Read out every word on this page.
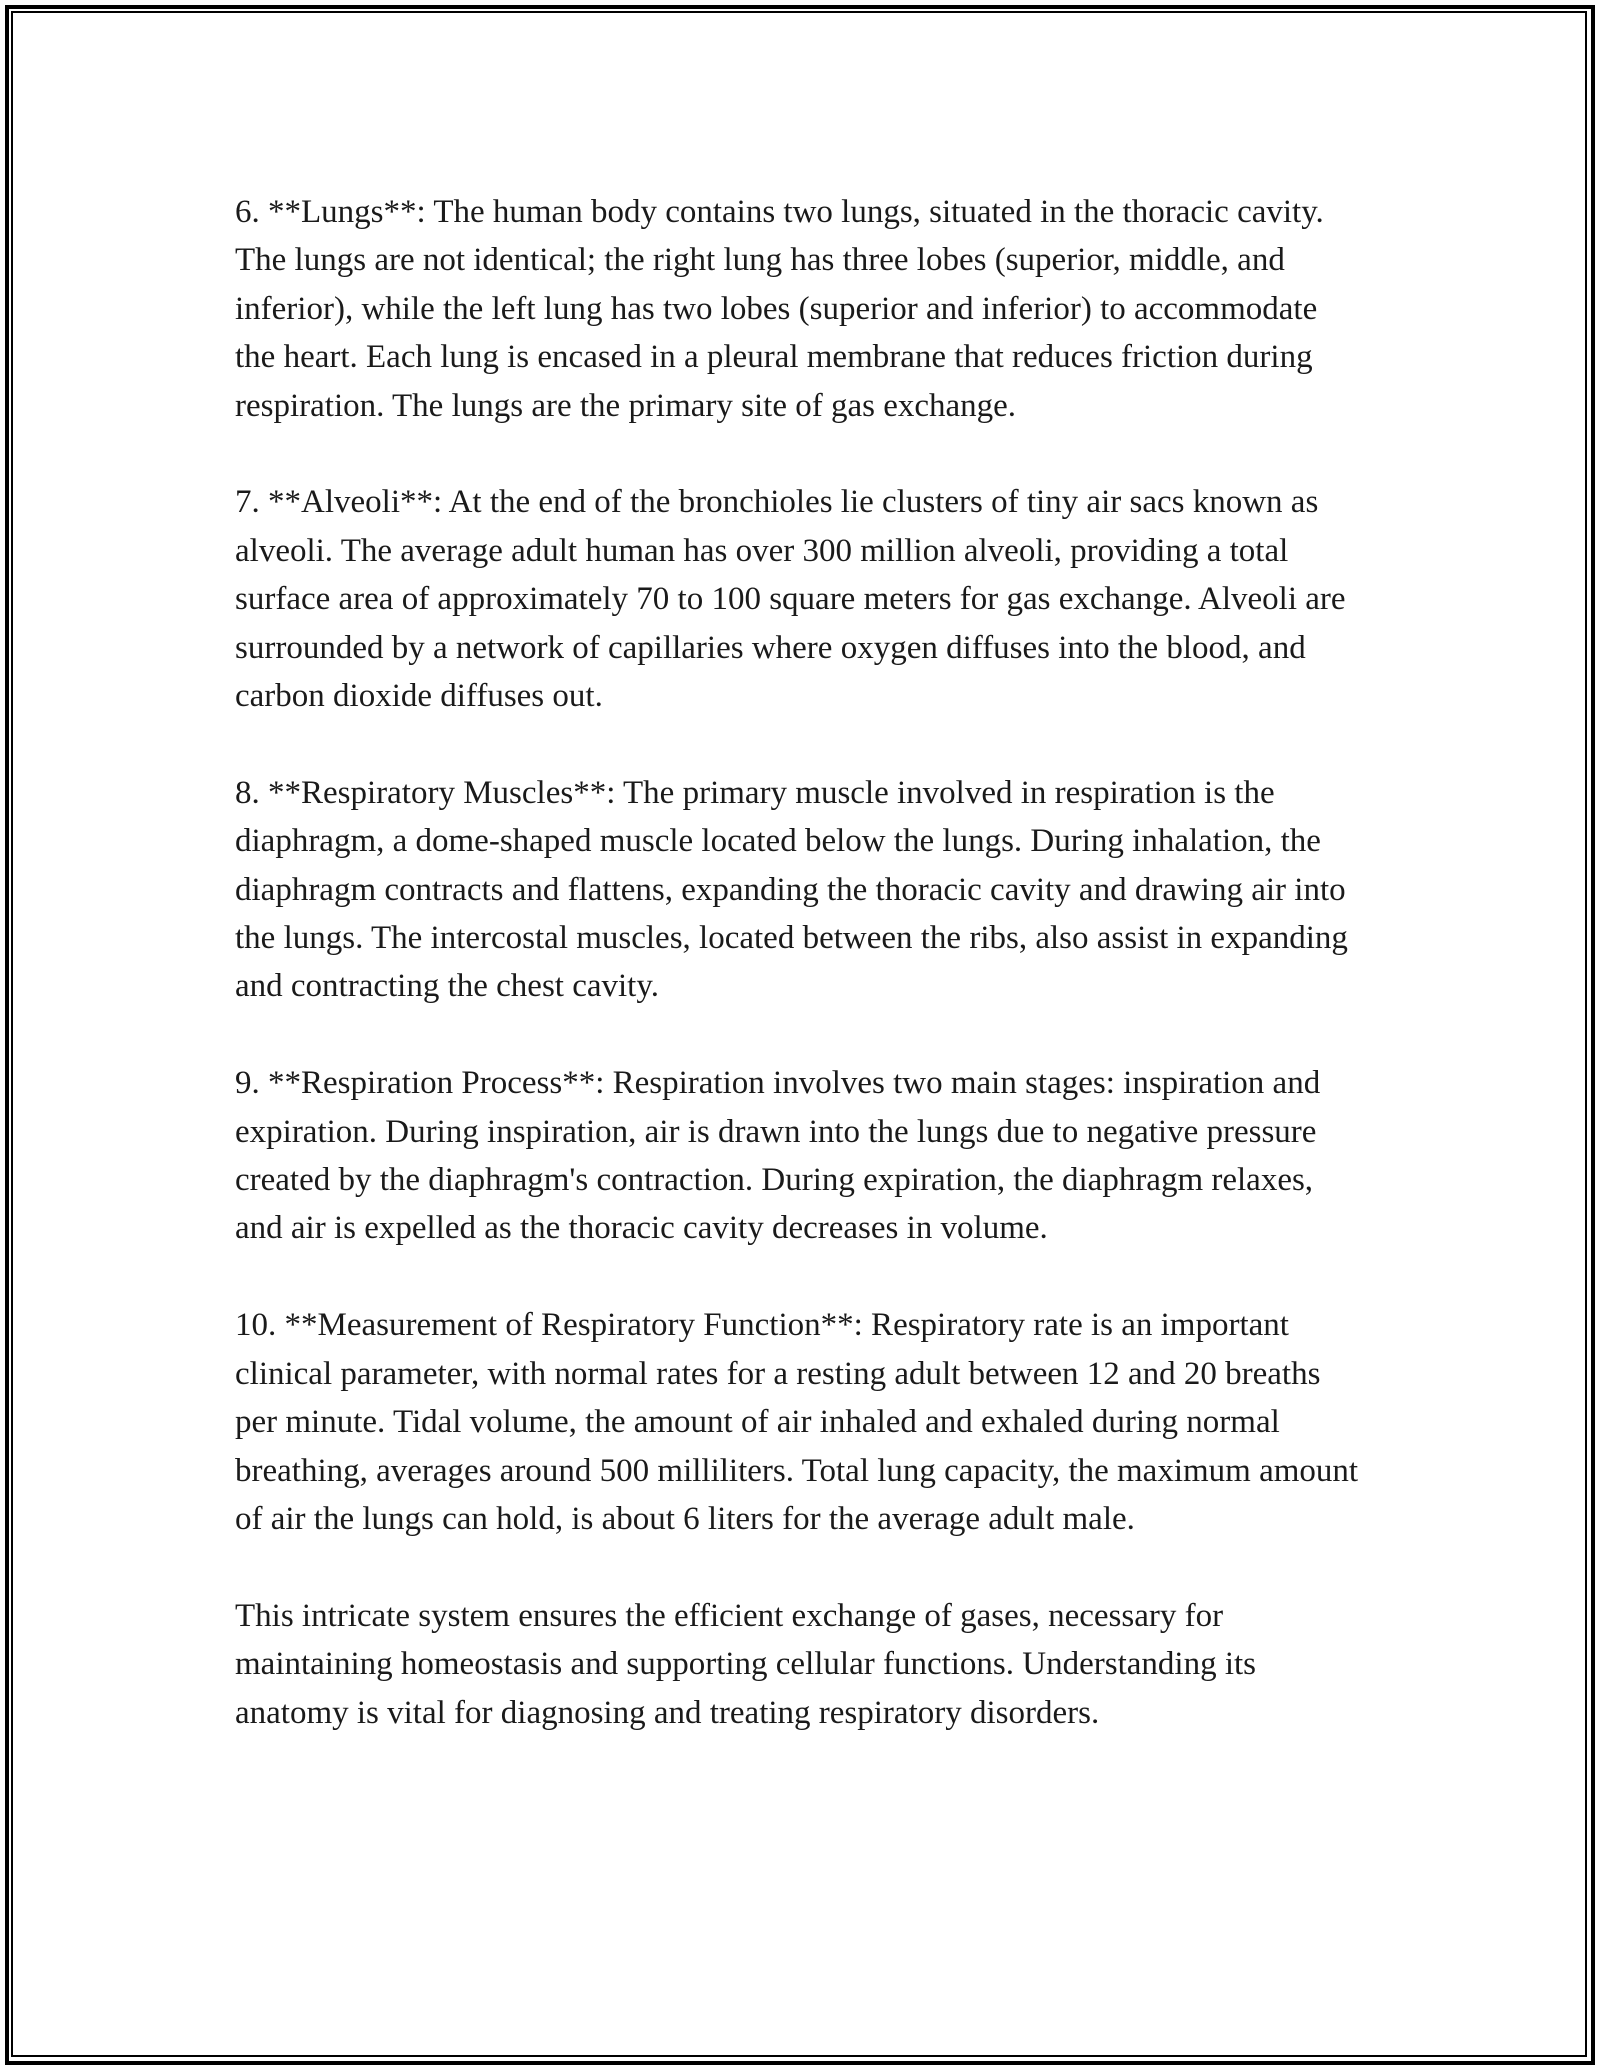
6. **Lungs**: The human body contains two lungs, situated in the thoracic cavity. The lungs are not identical; the right lung has three lobes (superior, middle, and inferior), while the left lung has two lobes (superior and inferior) to accommodate the heart. Each lung is encased in a pleural membrane that reduces friction during respiration. The lungs are the primary site of gas exchange.

7. **Alveoli**: At the end of the bronchioles lie clusters of tiny air sacs known as alveoli. The average adult human has over 300 million alveoli, providing a total surface area of approximately 70 to 100 square meters for gas exchange. Alveoli are surrounded by a network of capillaries where oxygen diffuses into the blood, and carbon dioxide diffuses out.

8. **Respiratory Muscles**: The primary muscle involved in respiration is the diaphragm, a dome-shaped muscle located below the lungs. During inhalation, the diaphragm contracts and flattens, expanding the thoracic cavity and drawing air into the lungs. The intercostal muscles, located between the ribs, also assist in expanding and contracting the chest cavity.

9. **Respiration Process**: Respiration involves two main stages: inspiration and expiration. During inspiration, air is drawn into the lungs due to negative pressure created by the diaphragm's contraction. During expiration, the diaphragm relaxes, and air is expelled as the thoracic cavity decreases in volume.

10. **Measurement of Respiratory Function**: Respiratory rate is an important clinical parameter, with normal rates for a resting adult between 12 and 20 breaths per minute. Tidal volume, the amount of air inhaled and exhaled during normal breathing, averages around 500 milliliters. Total lung capacity, the maximum amount of air the lungs can hold, is about 6 liters for the average adult male.

This intricate system ensures the efficient exchange of gases, necessary for maintaining homeostasis and supporting cellular functions. Understanding its anatomy is vital for diagnosing and treating respiratory disorders.
